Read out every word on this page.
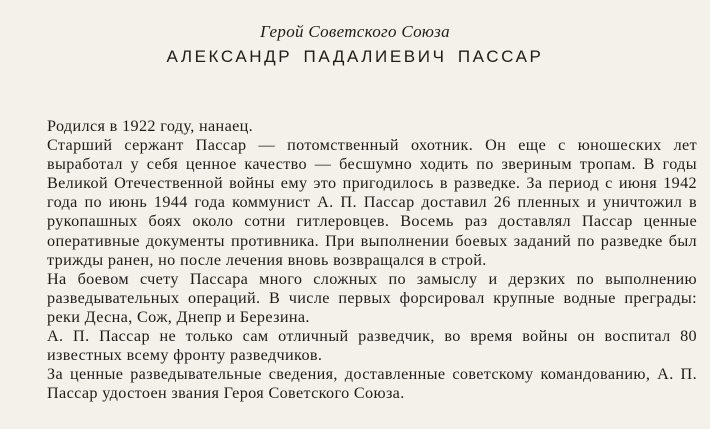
Герой Советского Союза
АЛЕКСАНДР ПАДАЛИЕВИЧ ПАССАР

Родился в 1922 году, нанаец.

Старший сержант Пассар — потомственный охотник. Он еще с юношеских лет выработал у себя ценное качество — бесшумно ходить по звериным тропам. В годы Великой Отечественной войны ему это пригодилось в разведке. За период с июня 1942 года по июнь 1944 года коммунист А. П. Пассар доставил 26 пленных и уничтожил в рукопашных боях около сотни гитлеровцев. Восемь раз доставлял Пассар ценные оперативные документы противника. При выполнении боевых заданий по разведке был трижды ранен, но после лечения вновь возвращался в строй.

На боевом счету Пассара много сложных по замыслу и дерзких по выполнению разведывательных операций. В числе первых форсировал крупные водные преграды: реки Десна, Сож, Днепр и Березина.

А. П. Пассар не только сам отличный разведчик, во время войны он воспитал 80 известных всему фронту разведчиков.

За ценные разведывательные сведения, доставленные советскому командованию, А. П. Пассар удостоен звания Героя Советского Союза.
